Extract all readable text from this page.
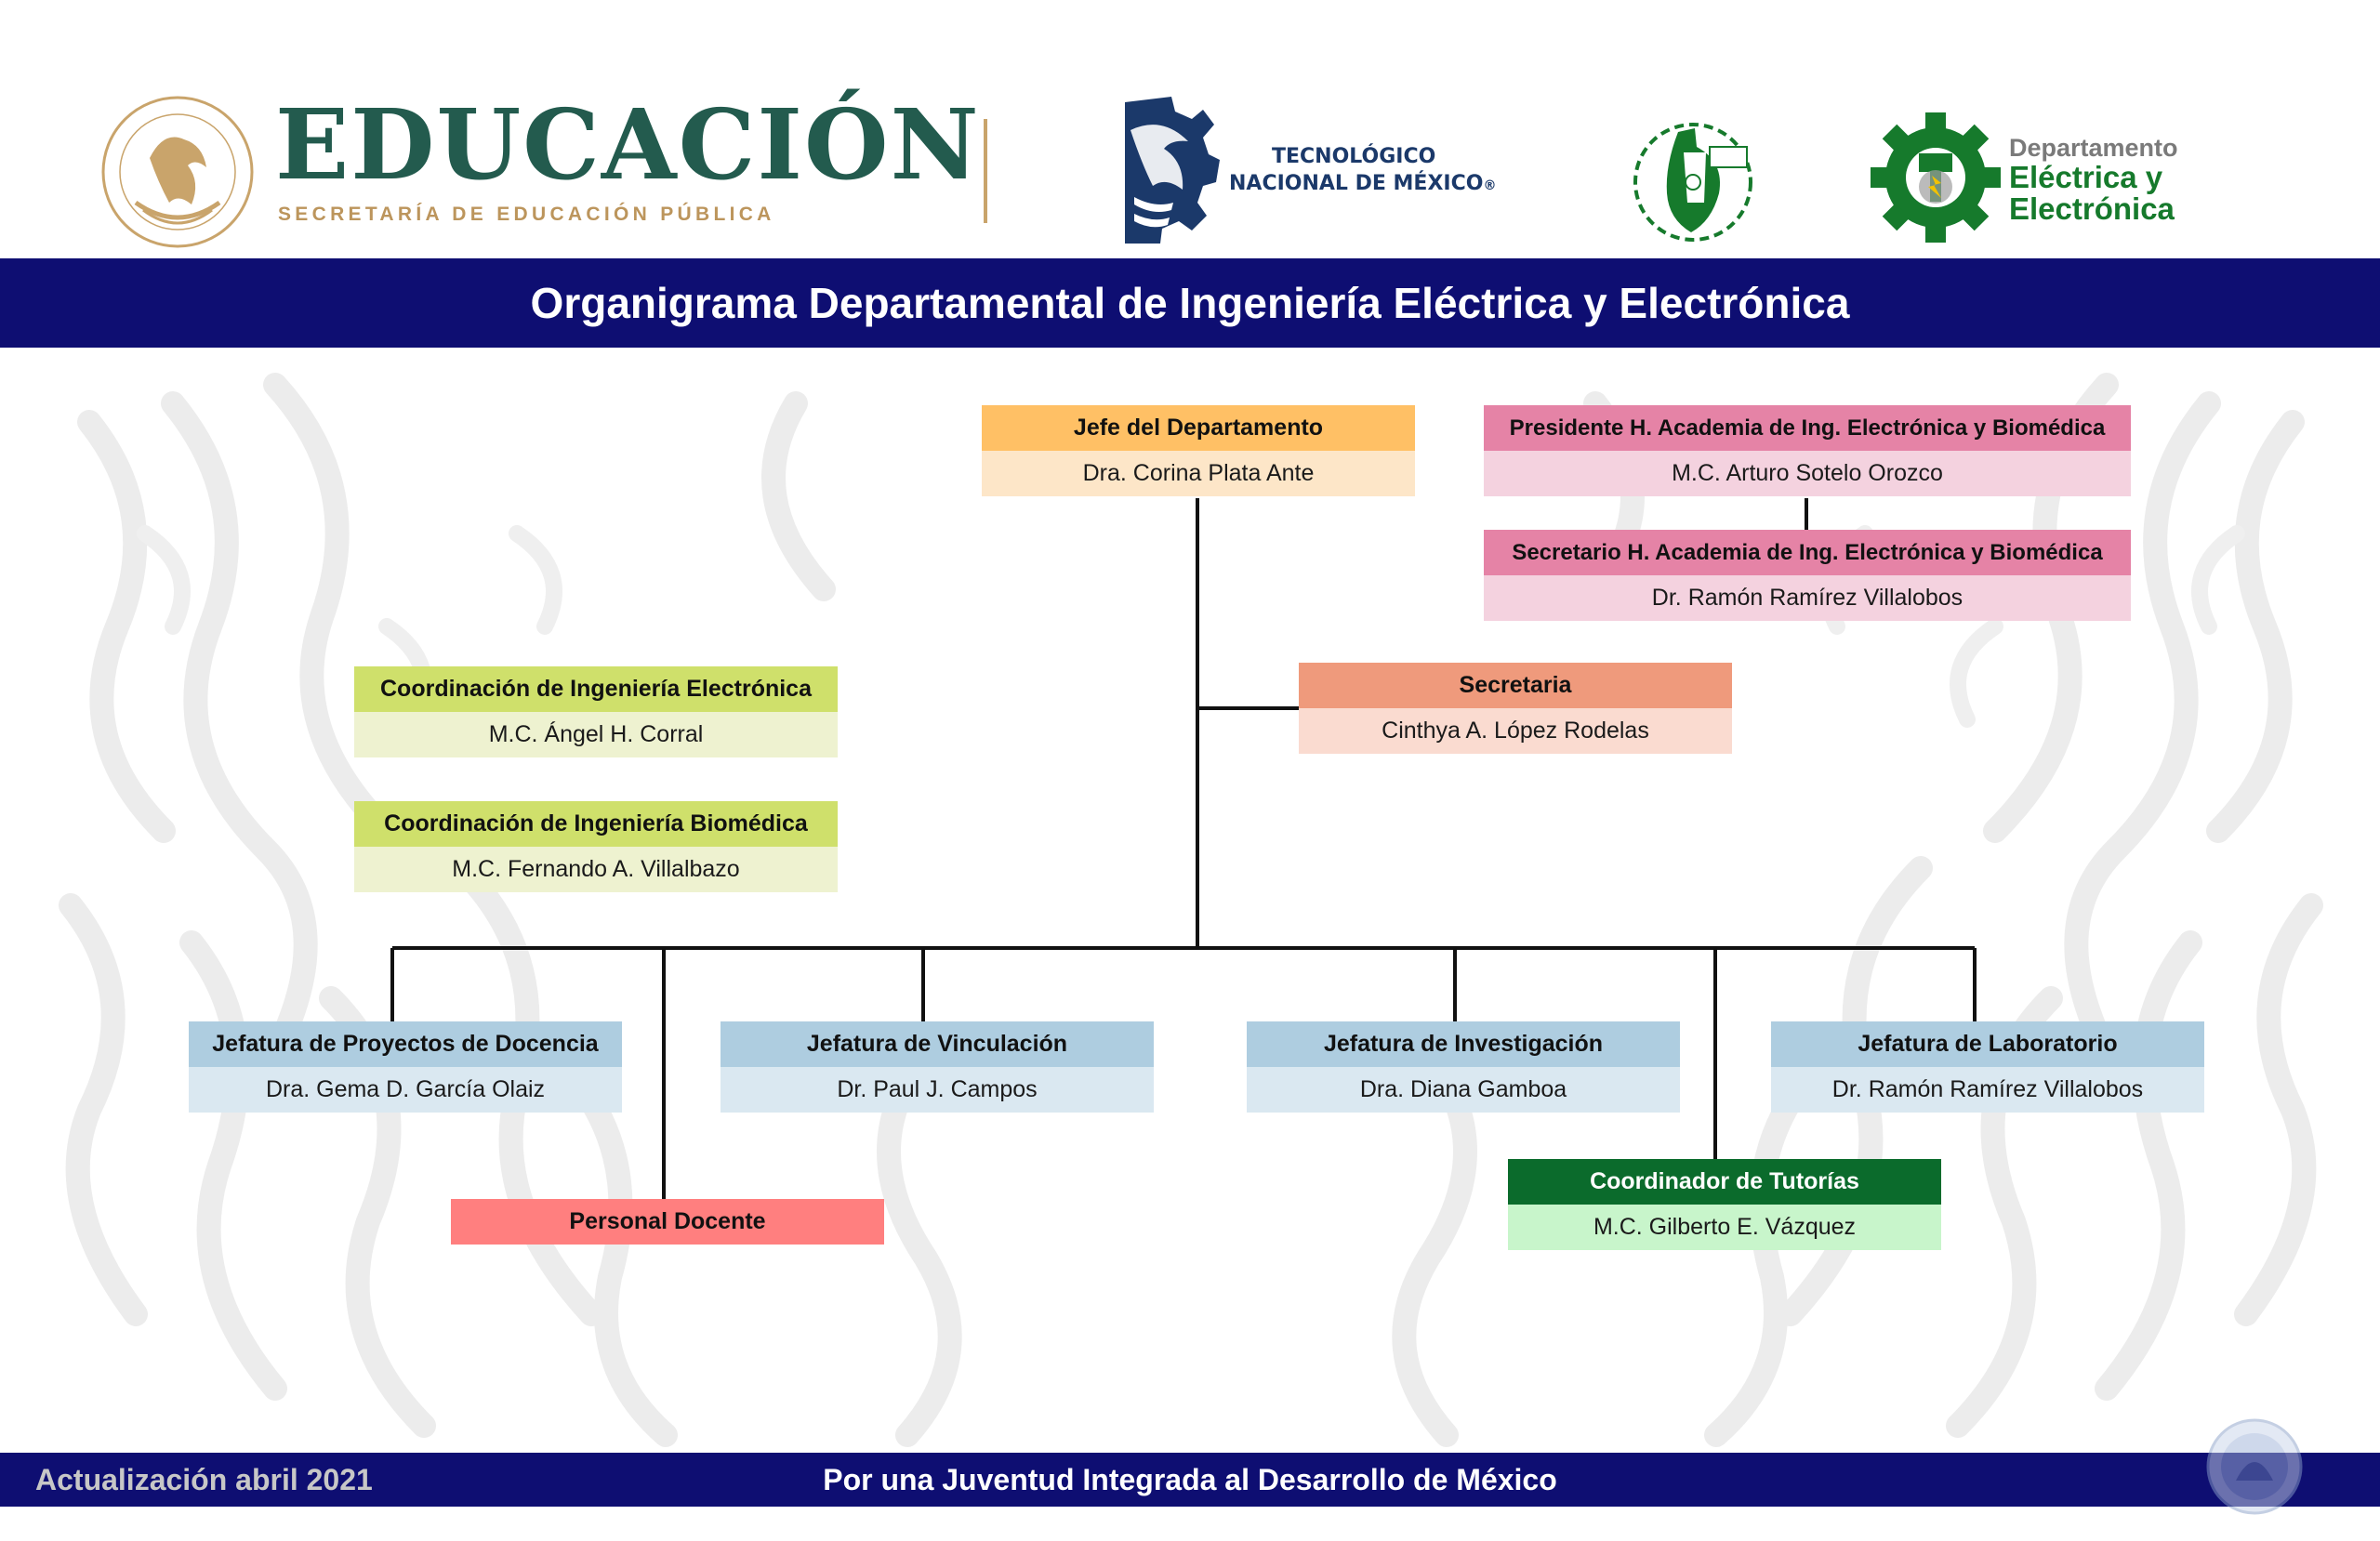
EDUCACIÓN
SECRETARÍA DE EDUCACIÓN PÚBLICA
TECNOLÓGICO
NACIONAL DE MÉXICO®
Departamento
Eléctrica y
Electrónica
Organigrama Departamental de Ingeniería Eléctrica y Electrónica
Jefe del Departamento
Dra. Corina Plata Ante
Presidente H. Academia de Ing. Electrónica y Biomédica
M.C. Arturo Sotelo Orozco
Secretario H. Academia de Ing. Electrónica y Biomédica
Dr. Ramón Ramírez Villalobos
Secretaria
Cinthya A. López Rodelas
Coordinación de Ingeniería Electrónica
M.C. Ángel H. Corral
Coordinación de Ingeniería Biomédica
M.C. Fernando A. Villalbazo
Jefatura de Proyectos de Docencia
Dra. Gema D. García Olaiz
Jefatura de Vinculación
Dr. Paul J. Campos
Jefatura de Investigación
Dra. Diana Gamboa
Jefatura de Laboratorio
Dr. Ramón Ramírez Villalobos
Personal Docente
Coordinador de Tutorías
M.C. Gilberto E. Vázquez
Por una Juventud Integrada al Desarrollo de México
Actualización abril 2021
